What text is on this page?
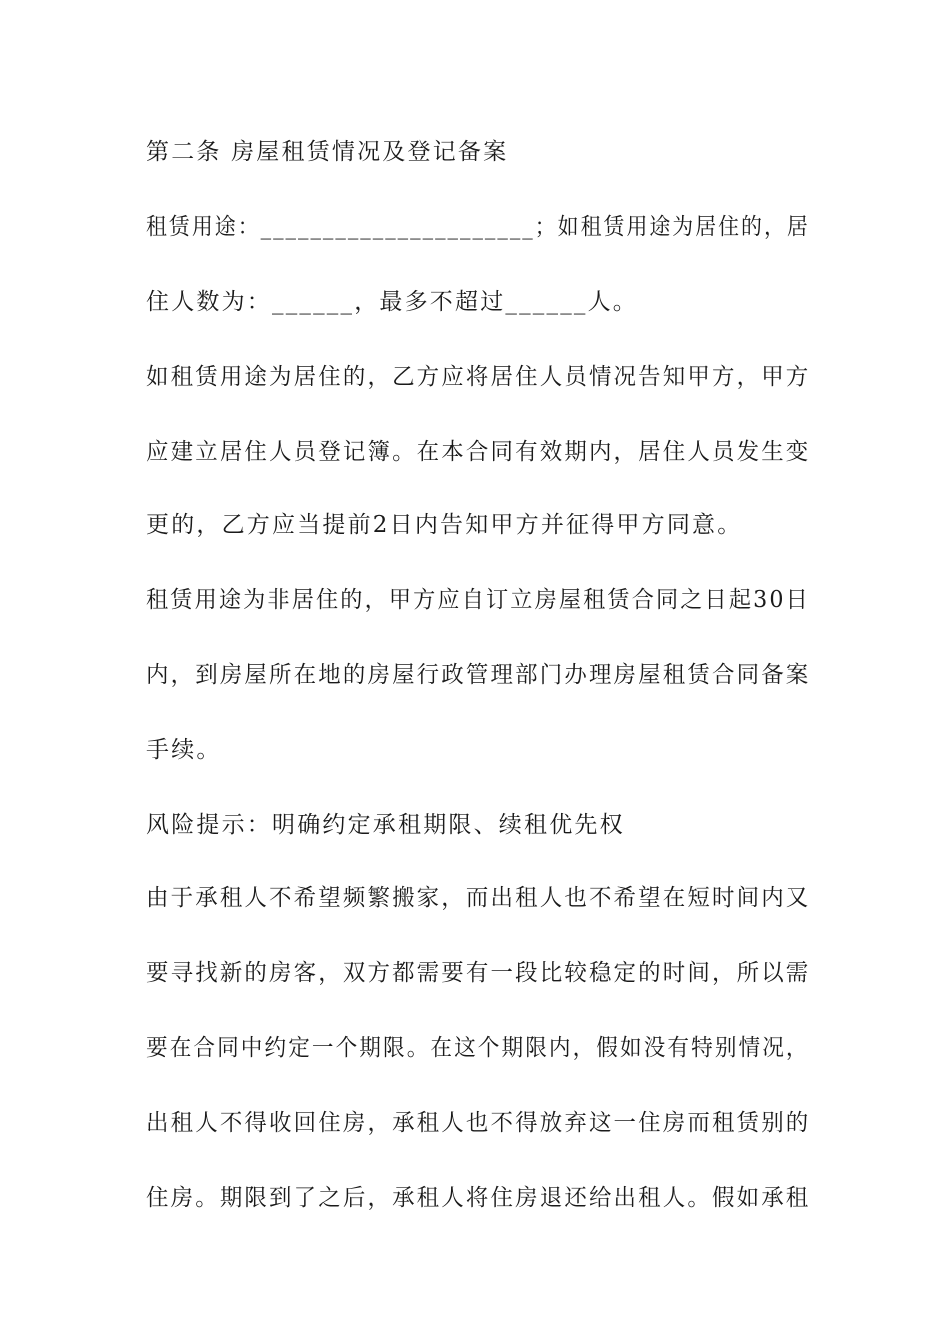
第二条 房屋租赁情况及登记备案
租赁用途：______________________；如租赁用途为居住的，居
住人数为：______，最多不超过______人。
如租赁用途为居住的，乙方应将居住人员情况告知甲方，甲方
应建立居住人员登记簿。在本合同有效期内，居住人员发生变
更的，乙方应当提前2日内告知甲方并征得甲方同意。
租赁用途为非居住的，甲方应自订立房屋租赁合同之日起30日
内，到房屋所在地的房屋行政管理部门办理房屋租赁合同备案
手续。
风险提示：明确约定承租期限、续租优先权
由于承租人不希望频繁搬家，而出租人也不希望在短时间内又
要寻找新的房客，双方都需要有一段比较稳定的时间，所以需
要在合同中约定一个期限。在这个期限内，假如没有特别情况，
出租人不得收回住房，承租人也不得放弃这一住房而租赁别的
住房。期限到了之后，承租人将住房退还给出租人。假如承租
